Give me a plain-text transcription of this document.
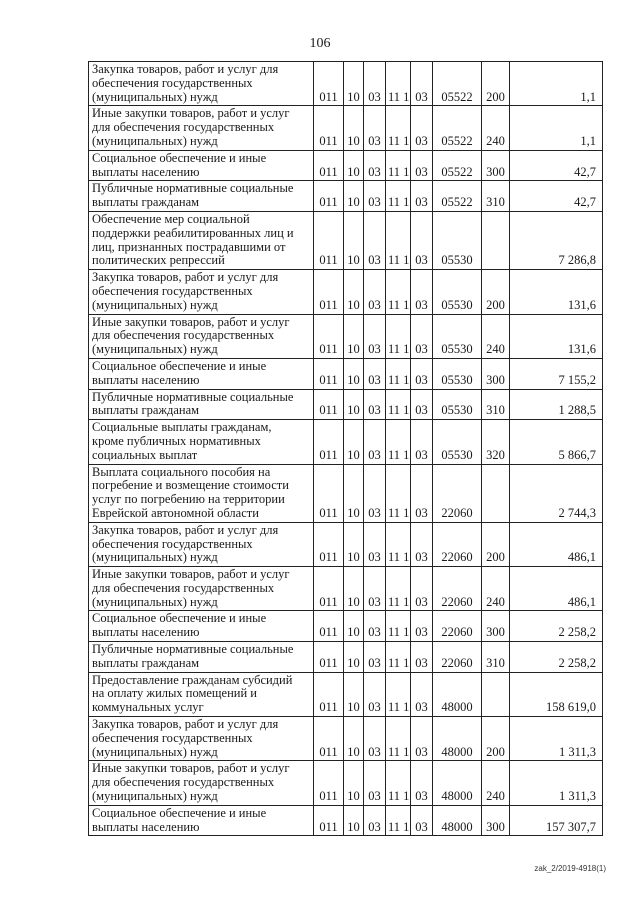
106
Закупка товаров, работ и услуг для
обеспечения государственных
(муниципальных) нужд	011	10	03	11 1	03	05522	200	1,1

Иные закупки товаров, работ и услуг
для обеспечения государственных
(муниципальных) нужд	011	10	03	11 1	03	05522	240	1,1

Социальное обеспечение и иные
выплаты населению	011	10	03	11 1	03	05522	300	42,7

Публичные нормативные социальные
выплаты гражданам	011	10	03	11 1	03	05522	310	42,7

Обеспечение мер социальной
поддержки реабилитированных лиц и
лиц, признанных пострадавшими от
политических репрессий	011	10	03	11 1	03	05530		7 286,8

Закупка товаров, работ и услуг для
обеспечения государственных
(муниципальных) нужд	011	10	03	11 1	03	05530	200	131,6

Иные закупки товаров, работ и услуг
для обеспечения государственных
(муниципальных) нужд	011	10	03	11 1	03	05530	240	131,6

Социальное обеспечение и иные
выплаты населению	011	10	03	11 1	03	05530	300	7 155,2

Публичные нормативные социальные
выплаты гражданам	011	10	03	11 1	03	05530	310	1 288,5

Социальные выплаты гражданам,
кроме публичных нормативных
социальных выплат	011	10	03	11 1	03	05530	320	5 866,7

Выплата социального пособия на
погребение и возмещение стоимости
услуг по погребению на территории
Еврейской автономной области	011	10	03	11 1	03	22060		2 744,3

Закупка товаров, работ и услуг для
обеспечения государственных
(муниципальных) нужд	011	10	03	11 1	03	22060	200	486,1

Иные закупки товаров, работ и услуг
для обеспечения государственных
(муниципальных) нужд	011	10	03	11 1	03	22060	240	486,1

Социальное обеспечение и иные
выплаты населению	011	10	03	11 1	03	22060	300	2 258,2

Публичные нормативные социальные
выплаты гражданам	011	10	03	11 1	03	22060	310	2 258,2

Предоставление гражданам субсидий
на оплату жилых помещений и
коммунальных услуг	011	10	03	11 1	03	48000		158 619,0

Закупка товаров, работ и услуг для
обеспечения государственных
(муниципальных) нужд	011	10	03	11 1	03	48000	200	1 311,3

Иные закупки товаров, работ и услуг
для обеспечения государственных
(муниципальных) нужд	011	10	03	11 1	03	48000	240	1 311,3

Социальное обеспечение и иные
выплаты населению	011	10	03	11 1	03	48000	300	157 307,7
zak_2/2019-4918(1)
